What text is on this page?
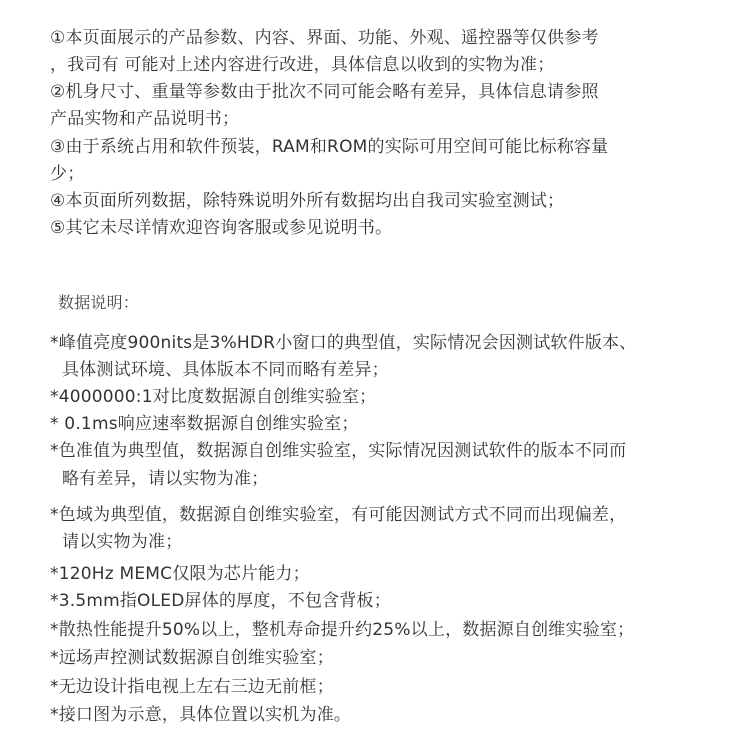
①本页面展示的产品参数、内容、界面、功能、外观、遥控器等仅供参考
，我司有 可能对上述内容进行改进，具体信息以收到的实物为准；
②机身尺寸、重量等参数由于批次不同可能会略有差异，具体信息请参照
产品实物和产品说明书；
③由于系统占用和软件预装，RAM和ROM的实际可用空间可能比标称容量
少；
④本页面所列数据，除特殊说明外所有数据均出自我司实验室测试；
⑤其它未尽详情欢迎咨询客服或参见说明书。
数据说明：
*峰值亮度900nits是3%HDR小窗口的典型值，实际情况会因测试软件版本、
具体测试环境、具体版本不同而略有差异；
*4000000:1对比度数据源自创维实验室；
* 0.1ms响应速率数据源自创维实验室；
*色准值为典型值，数据源自创维实验室，实际情况因测试软件的版本不同而
略有差异，请以实物为准；
*色域为典型值，数据源自创维实验室，有可能因测试方式不同而出现偏差，
请以实物为准；
*120Hz MEMC仅限为芯片能力；
*3.5mm指OLED屏体的厚度，不包含背板；
*散热性能提升50%以上，整机寿命提升约25%以上，数据源自创维实验室；
*远场声控测试数据源自创维实验室；
*无边设计指电视上左右三边无前框；
*接口图为示意，具体位置以实机为准。
